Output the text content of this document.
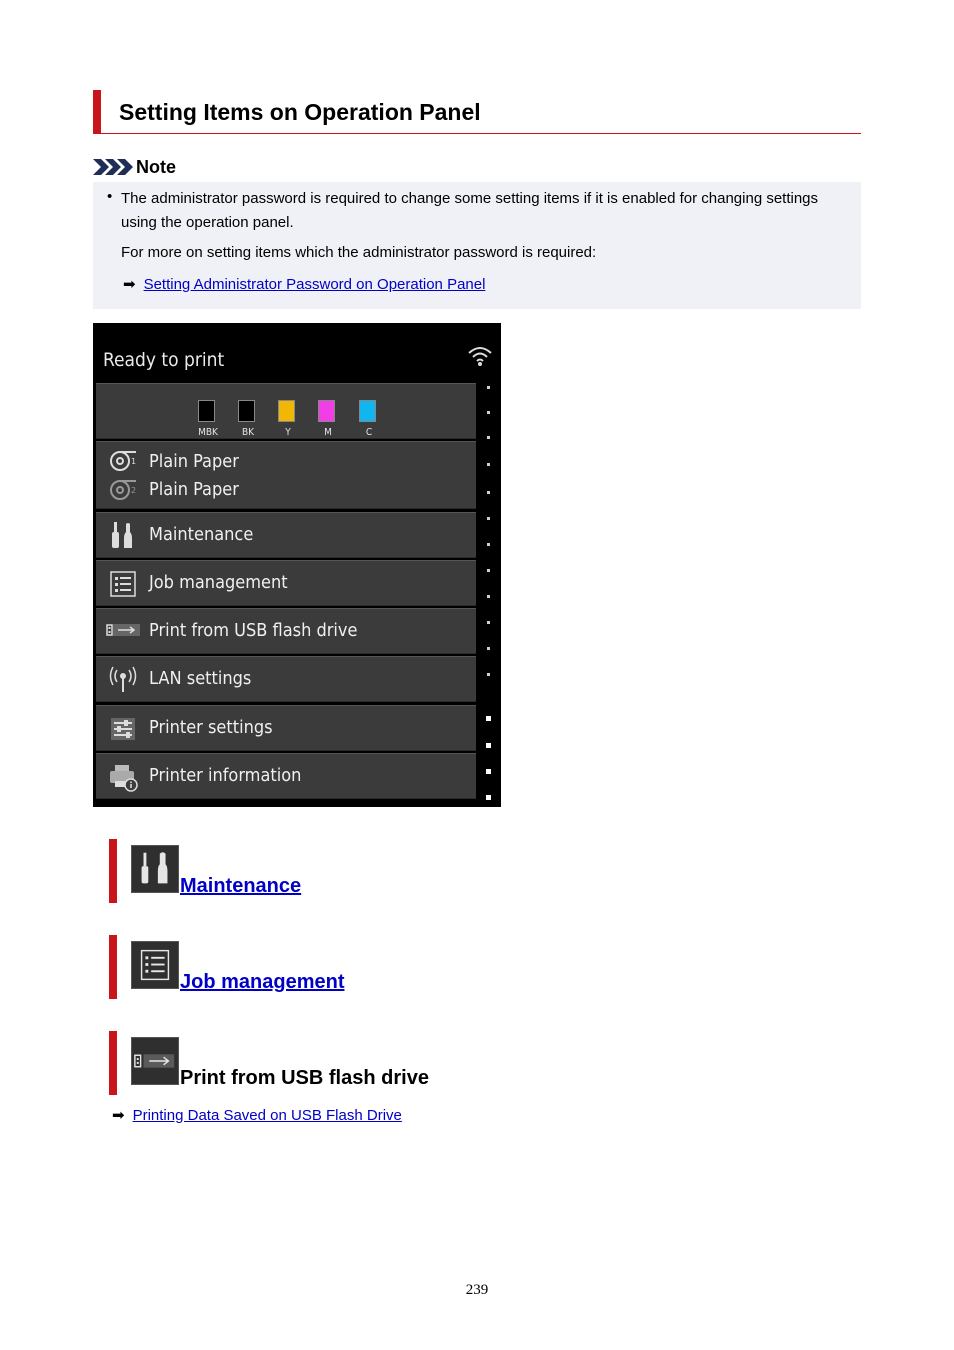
Setting Items on Operation Panel
Note
• The administrator password is required to change some setting items if it is enabled for changing settings using the operation panel.

For more on setting items which the administrator password is required:

➡ Setting Administrator Password on Operation Panel
Ready to print
MBK	BK	Y	M	C
1 Plain Paper
2 Plain Paper
Maintenance
Job management
Print from USB flash drive
LAN settings
Printer settings
Printer information
Maintenance
Job management
Print from USB flash drive
➡ Printing Data Saved on USB Flash Drive
239
